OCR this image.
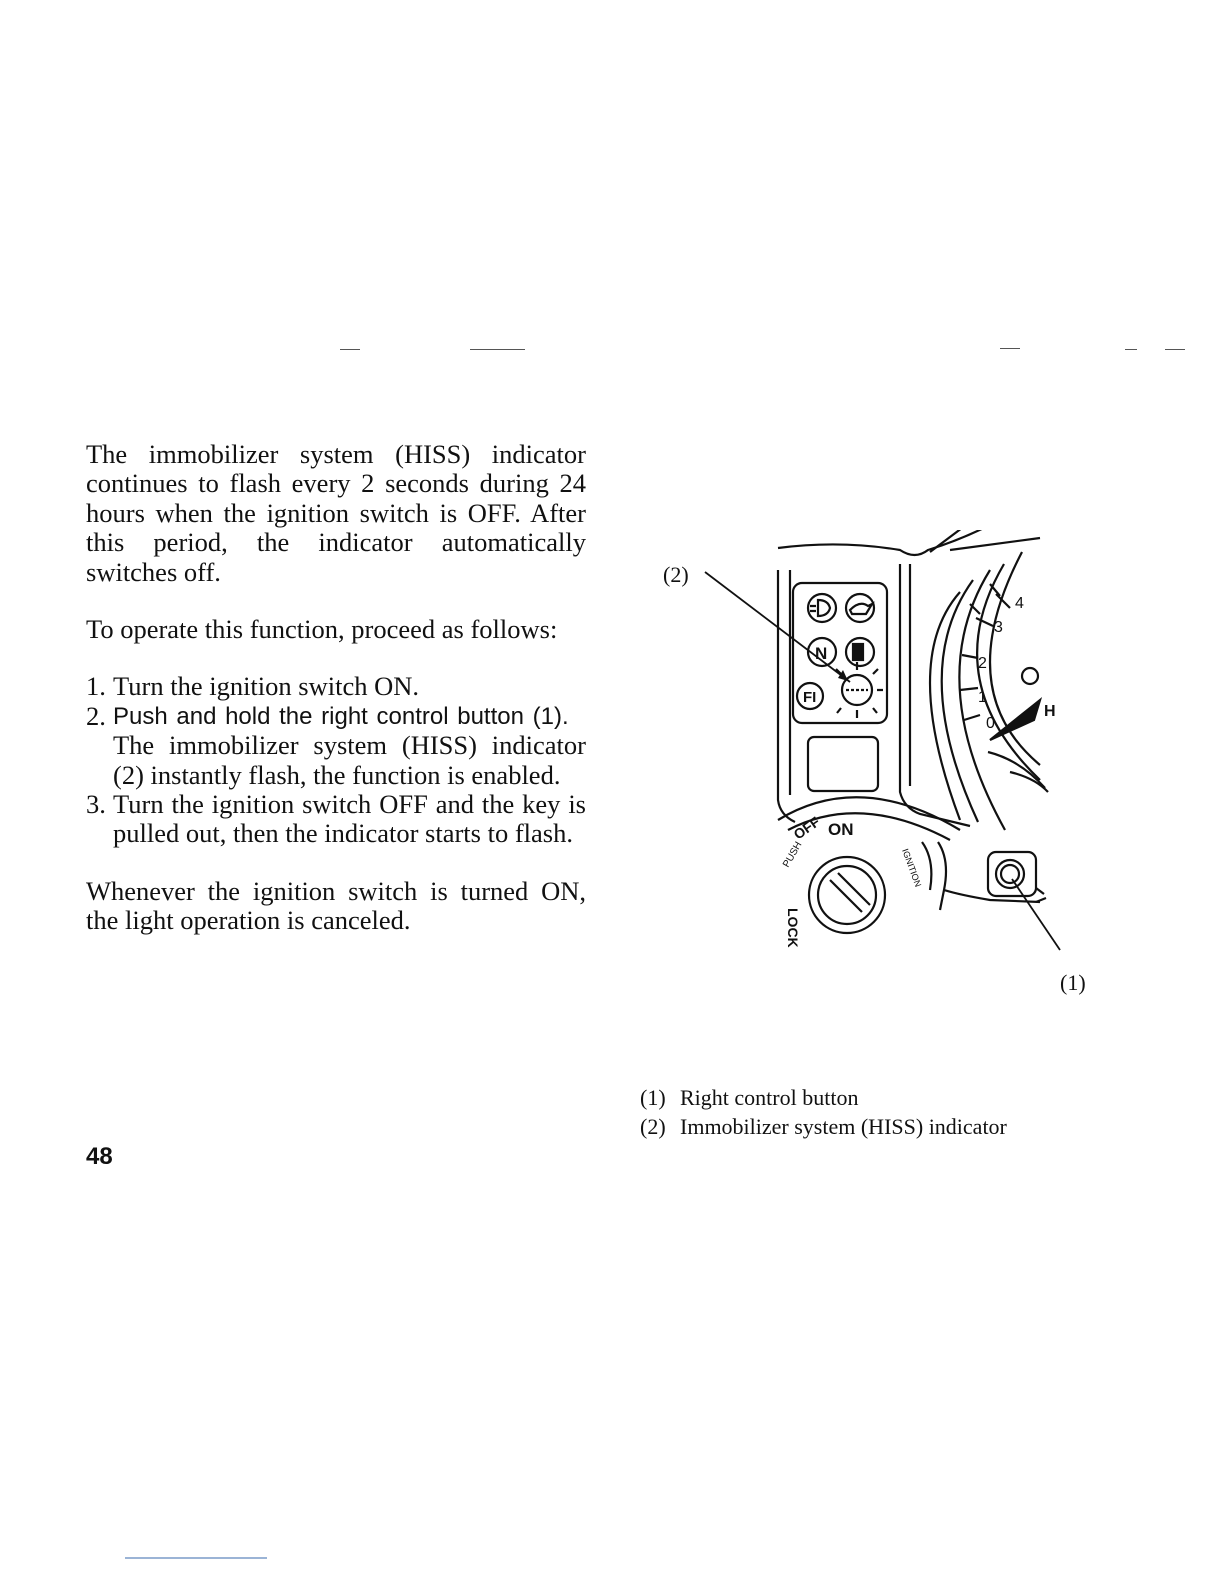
The immobilizer system (HISS) indicator continues to flash every 2 seconds during 24 hours when the ignition switch is OFF. After this period, the indicator automatically switches off.

To operate this function, proceed as follows:

1. Turn the ignition switch ON.
2. Push and hold the right control button (1).
The immobilizer system (HISS) indicator (2) instantly flash, the function is enabled.
3. Turn the ignition switch OFF and the key is pulled out, then the indicator starts to flash.

Whenever the ignition switch is turned ON, the light operation is canceled.

4
3
2
1
0
H
N
FI
ON
OFF
LOCK
PUSH	IGNITION
(2)
(1)
(1) Right control button
(2) Immobilizer system (HISS) indicator
48
